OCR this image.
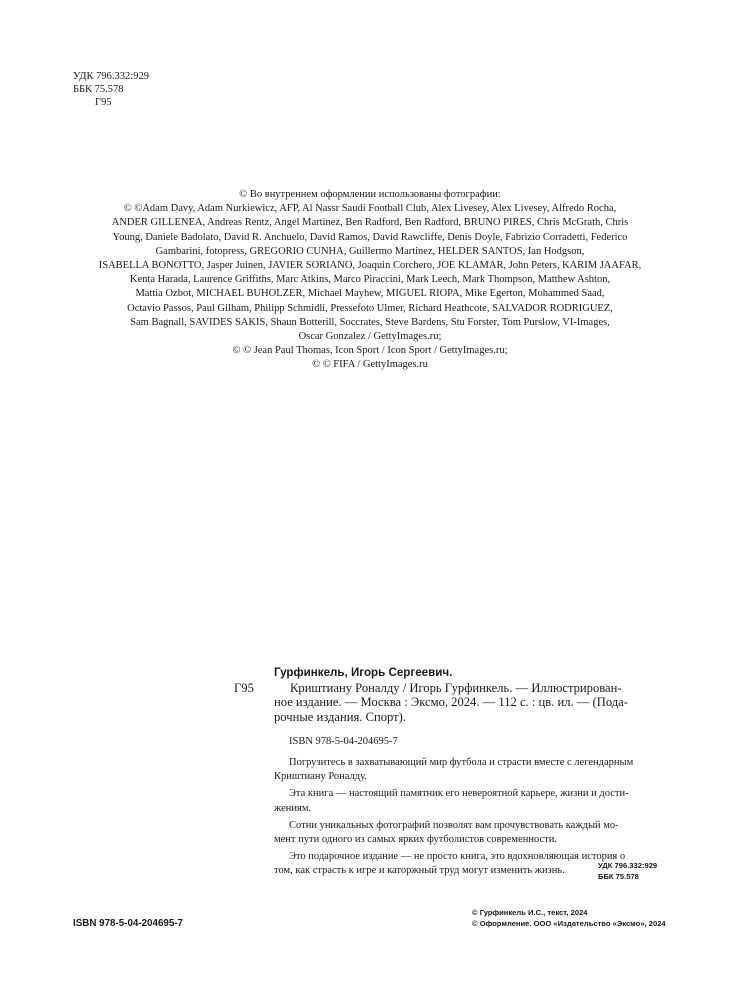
УДК 796.332:929
ББК 75.578
Г95
© Во внутреннем оформлении использованы фотографии:
© ©Adam Davy, Adam Nurkiewicz, AFP, Al Nassr Saudi Football Club, Alex Livesey, Alex Livesey, Alfredo Rocha,
ANDER GILLENEA, Andreas Rentz, Angel Martinez, Ben Radford, Ben Radford, BRUNO PIRES, Chris McGrath, Chris
Young, Daniele Badolato, David R. Anchuelo, David Ramos, David Rawcliffe, Denis Doyle, Fabrizio Corradetti, Federico
Gambarini, fotopress, GREGORIO CUNHA, Guillermo Martinez, HELDER SANTOS, Ian Hodgson,
ISABELLA BONOTTO, Jasper Juinen, JAVIER SORIANO, Joaquin Corchero, JOE KLAMAR, John Peters, KARIM JAAFAR,
Kenta Harada, Laurence Griffiths, Marc Atkins, Marco Piraccini, Mark Leech, Mark Thompson, Matthew Ashton,
Mattia Ozbot, MICHAEL BUHOLZER, Michael Mayhew, MIGUEL RIOPA, Mike Egerton, Mohammed Saad,
Octavio Passos, Paul Gilham, Philipp Schmidli, Pressefoto Ulmer, Richard Heathcote, SALVADOR RODRIGUEZ,
Sam Bagnall, SAVIDES SAKIS, Shaun Botterill, Soccrates, Steve Bardens, Stu Forster, Tom Purslow, VI-Images,
Oscar Gonzalez / GettyImages.ru;
© © Jean Paul Thomas, Icon Sport / Icon Sport / GettyImages.ru;
© © FIFA / GettyImages.ru
Гурфинкель, Игорь Сергеевич.
Г95	Криштиану Роналду / Игорь Гурфинкель. — Иллюстрирован-
ное издание. — Москва : Эксмо, 2024. — 112 с. : цв. ил. — (Пода-
рочные издания. Спорт).
ISBN 978-5-04-204695-7

Погрузитесь в захватывающий мир футбола и страсти вместе с легендарным
Криштиану Роналду.

Эта книга — настоящий памятник его невероятной карьере, жизни и дости-
жениям.

Сотни уникальных фотографий позволят вам прочувствовать каждый мо-
мент пути одного из самых ярких футболистов современности.

Это подарочное издание — не просто книга, это вдохновляющая история о
том, как страсть к игре и каторжный труд могут изменить жизнь.	УДК 796.332:929
ББК 75.578
ISBN 978-5-04-204695-7
© Гурфинкель И.С., текст, 2024
© Оформление. ООО «Издательство «Эксмо», 2024
